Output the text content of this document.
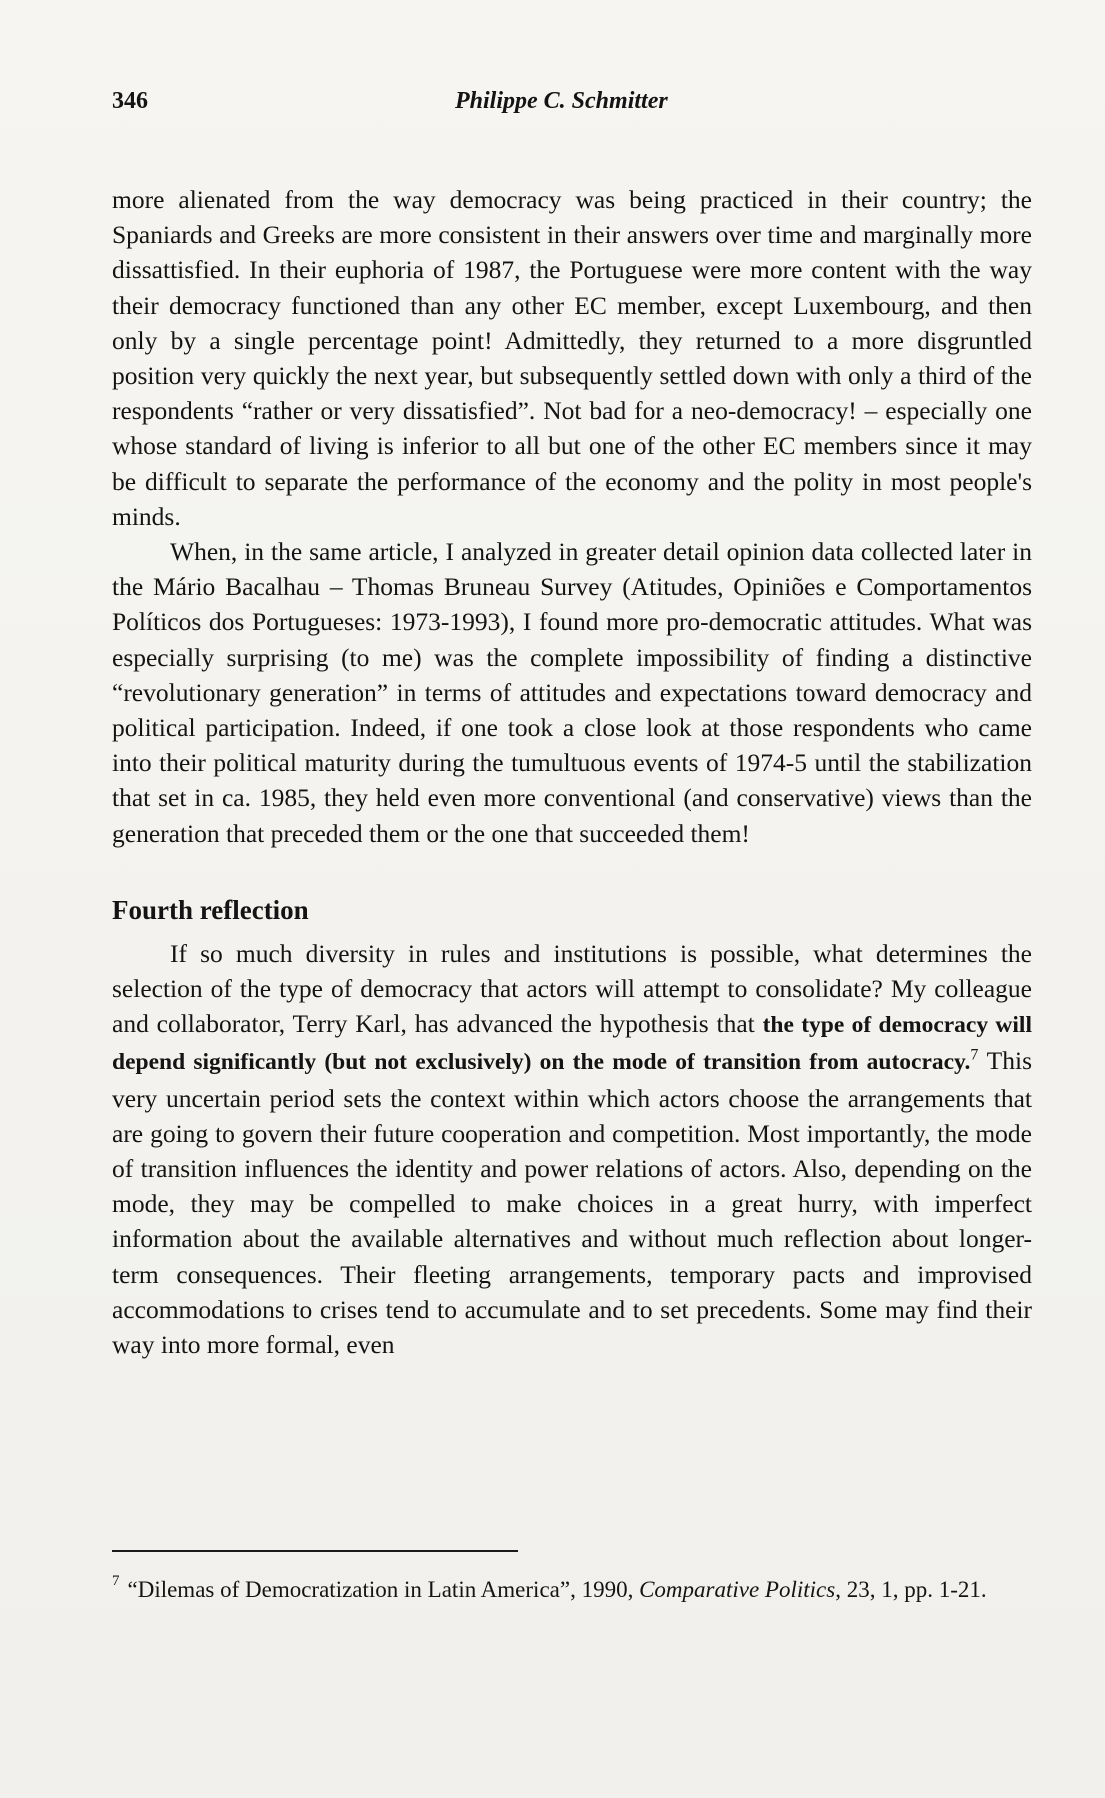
346	Philippe C. Schmitter

more alienated from the way democracy was being practiced in their country; the Spaniards and Greeks are more consistent in their answers over time and marginally more dissattisfied. In their euphoria of 1987, the Portuguese were more content with the way their democracy functioned than any other EC member, except Luxembourg, and then only by a single percentage point! Admittedly, they returned to a more disgruntled position very quickly the next year, but subsequently settled down with only a third of the respondents “rather or very dissatisfied”. Not bad for a neo-democracy! – especially one whose standard of living is inferior to all but one of the other EC members since it may be difficult to separate the performance of the economy and the polity in most people's minds.

When, in the same article, I analyzed in greater detail opinion data collected later in the Mário Bacalhau – Thomas Bruneau Survey (Atitudes, Opiniões e Comportamentos Políticos dos Portugueses: 1973-1993), I found more pro-democratic attitudes. What was especially surprising (to me) was the complete impossibility of finding a distinctive “revolutionary generation” in terms of attitudes and expectations toward democracy and political participation. Indeed, if one took a close look at those respondents who came into their political maturity during the tumultuous events of 1974-5 until the stabilization that set in ca. 1985, they held even more conventional (and conservative) views than the generation that preceded them or the one that succeeded them!

Fourth reflection

If so much diversity in rules and institutions is possible, what determines the selection of the type of democracy that actors will attempt to consolidate? My colleague and collaborator, Terry Karl, has advanced the hypothesis that the type of democracy will depend significantly (but not exclusively) on the mode of transition from autocracy.$^7$ This very uncertain period sets the context within which actors choose the arrangements that are going to govern their future cooperation and competition. Most importantly, the mode of transition influences the identity and power relations of actors. Also, depending on the mode, they may be compelled to make choices in a great hurry, with imperfect information about the available alternatives and without much reflection about longer-term consequences. Their fleeting arrangements, temporary pacts and improvised accommodations to crises tend to accumulate and to set precedents. Some may find their way into more formal, even

$^7$ “Dilemas of Democratization in Latin America”, 1990, Comparative Politics, 23, 1, pp. 1-21.
